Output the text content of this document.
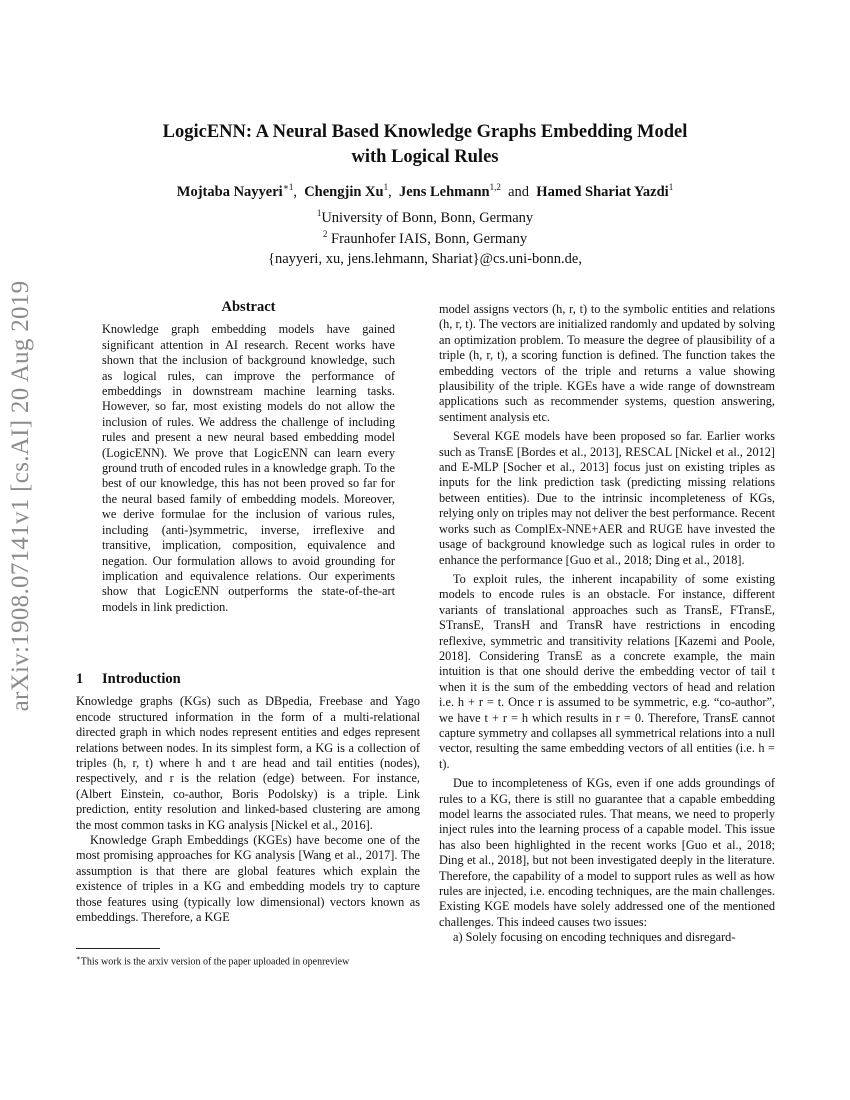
arXiv:1908.07141v1 [cs.AI] 20 Aug 2019
LogicENN: A Neural Based Knowledge Graphs Embedding Model
with Logical Rules
Mojtaba Nayyeri$^{∗1}$, Chengjin Xu$^1$, Jens Lehmann$^{1,2}$ and Hamed Shariat Yazdi$^1$
$^1$University of Bonn, Bonn, Germany
$^2$ Fraunhofer IAIS, Bonn, Germany
{nayyeri, xu, jens.lehmann, Shariat}@cs.uni-bonn.de,
Abstract

Knowledge graph embedding models have gained significant attention in AI research. Recent works have shown that the inclusion of background knowledge, such as logical rules, can improve the performance of embeddings in downstream machine learning tasks. However, so far, most existing models do not allow the inclusion of rules. We address the challenge of including rules and present a new neural based embedding model (LogicENN). We prove that LogicENN can learn every ground truth of encoded rules in a knowledge graph. To the best of our knowledge, this has not been proved so far for the neural based family of embedding models. Moreover, we derive formulae for the inclusion of various rules, including (anti-)symmetric, inverse, irreflexive and transitive, implication, composition, equivalence and negation. Our formulation allows to avoid grounding for implication and equivalence relations. Our experiments show that LogicENN outperforms the state-of-the-art models in link prediction.

1 Introduction

Knowledge graphs (KGs) such as DBpedia, Freebase and Yago encode structured information in the form of a multi-relational directed graph in which nodes represent entities and edges represent relations between nodes. In its simplest form, a KG is a collection of triples (h, r, t) where h and t are head and tail entities (nodes), respectively, and r is the relation (edge) between. For instance, (Albert Einstein, co-author, Boris Podolsky) is a triple. Link prediction, entity resolution and linked-based clustering are among the most common tasks in KG analysis [Nickel et al., 2016].

Knowledge Graph Embeddings (KGEs) have become one of the most promising approaches for KG analysis [Wang et al., 2017]. The assumption is that there are global features which explain the existence of triples in a KG and embedding models try to capture those features using (typically low dimensional) vectors known as embeddings. Therefore, a KGE

∗This work is the arxiv version of the paper uploaded in openreview

model assigns vectors (h, r, t) to the symbolic entities and relations (h, r, t). The vectors are initialized randomly and updated by solving an optimization problem. To measure the degree of plausibility of a triple (h, r, t), a scoring function is defined. The function takes the embedding vectors of the triple and returns a value showing plausibility of the triple. KGEs have a wide range of downstream applications such as recommender systems, question answering, sentiment analysis etc.

Several KGE models have been proposed so far. Earlier works such as TransE [Bordes et al., 2013], RESCAL [Nickel et al., 2012] and E-MLP [Socher et al., 2013] focus just on existing triples as inputs for the link prediction task (predicting missing relations between entities). Due to the intrinsic incompleteness of KGs, relying only on triples may not deliver the best performance. Recent works such as ComplEx-NNE+AER and RUGE have invested the usage of background knowledge such as logical rules in order to enhance the performance [Guo et al., 2018; Ding et al., 2018].

To exploit rules, the inherent incapability of some existing models to encode rules is an obstacle. For instance, different variants of translational approaches such as TransE, FTransE, STransE, TransH and TransR have restrictions in encoding reflexive, symmetric and transitivity relations [Kazemi and Poole, 2018]. Considering TransE as a concrete example, the main intuition is that one should derive the embedding vector of tail t when it is the sum of the embedding vectors of head and relation i.e. h + r = t. Once r is assumed to be symmetric, e.g. “co-author”, we have t + r = h which results in r = 0. Therefore, TransE cannot capture symmetry and collapses all symmetrical relations into a null vector, resulting the same embedding vectors of all entities (i.e. h = t).

Due to incompleteness of KGs, even if one adds groundings of rules to a KG, there is still no guarantee that a capable embedding model learns the associated rules. That means, we need to properly inject rules into the learning process of a capable model. This issue has also been highlighted in the recent works [Guo et al., 2018; Ding et al., 2018], but not been investigated deeply in the literature. Therefore, the capability of a model to support rules as well as how rules are injected, i.e. encoding techniques, are the main challenges. Existing KGE models have solely addressed one of the mentioned challenges. This indeed causes two issues:

a) Solely focusing on encoding techniques and disregard-
